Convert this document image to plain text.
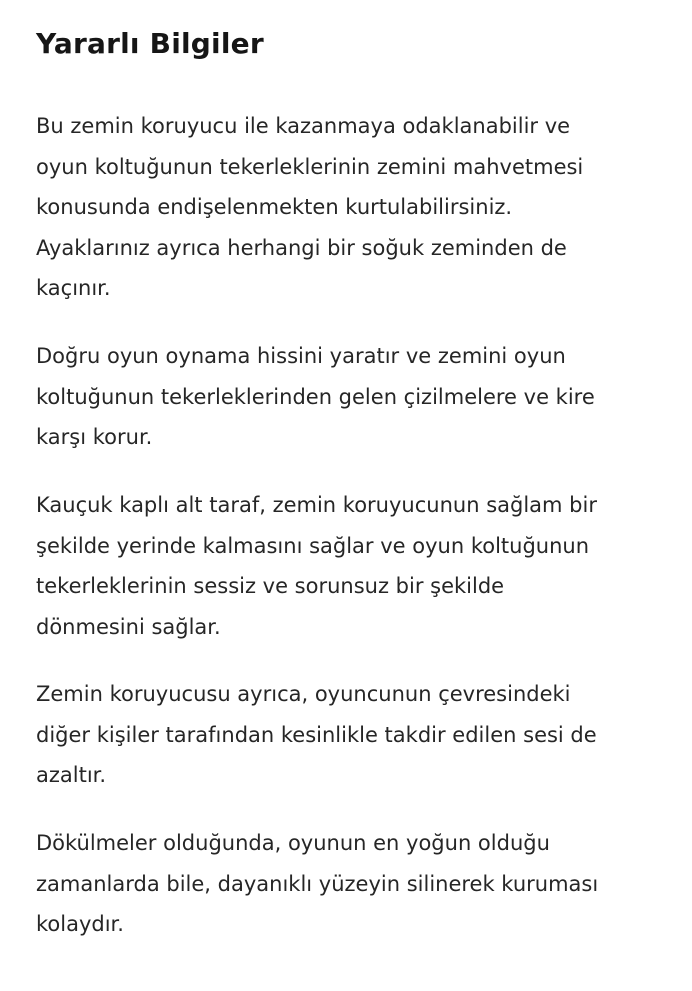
Yararlı Bilgiler

Bu zemin koruyucu ile kazanmaya odaklanabilir ve
oyun koltuğunun tekerleklerinin zemini mahvetmesi
konusunda endişelenmekten kurtulabilirsiniz.
Ayaklarınız ayrıca herhangi bir soğuk zeminden de
kaçınır.

Doğru oyun oynama hissini yaratır ve zemini oyun
koltuğunun tekerleklerinden gelen çizilmelere ve kire
karşı korur.

Kauçuk kaplı alt taraf, zemin koruyucunun sağlam bir
şekilde yerinde kalmasını sağlar ve oyun koltuğunun
tekerleklerinin sessiz ve sorunsuz bir şekilde
dönmesini sağlar.

Zemin koruyucusu ayrıca, oyuncunun çevresindeki
diğer kişiler tarafından kesinlikle takdir edilen sesi de
azaltır.

Dökülmeler olduğunda, oyunun en yoğun olduğu
zamanlarda bile, dayanıklı yüzeyin silinerek kuruması
kolaydır.
